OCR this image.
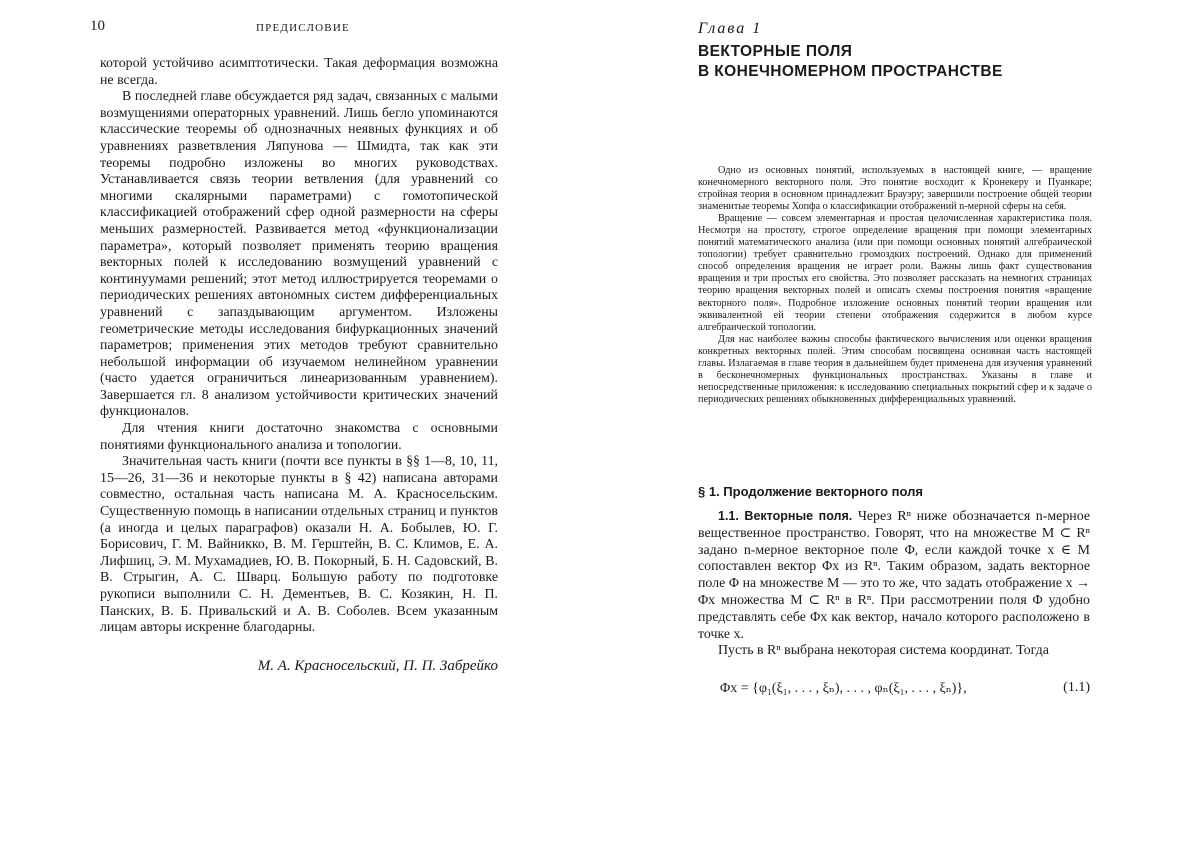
10	ПРЕДИСЛОВИЕ

которой устойчиво асимптотически. Такая деформация возможна не всегда.

В последней главе обсуждается ряд задач, связанных с малыми возмущениями операторных уравнений. Лишь бегло упоминаются классические теоремы об однозначных неявных функциях и об уравнениях разветвления Ляпунова — Шмидта, так как эти теоремы подробно изложены во многих руководствах. Устанавливается связь теории ветвления (для уравнений со многими скалярными параметрами) с гомотопической классификацией отображений сфер одной размерности на сферы меньших размерностей. Развивается метод «функционализации параметра», который позволяет применять теорию вращения векторных полей к исследованию возмущений уравнений с континуумами решений; этот метод иллюстрируется теоремами о периодических решениях автономных систем дифференциальных уравнений с запаздывающим аргументом. Изложены геометрические методы исследования бифуркационных значений параметров; применения этих методов требуют сравнительно небольшой информации об изучаемом нелинейном уравнении (часто удается ограничиться линеаризованным уравнением). Завершается гл. 8 анализом устойчивости критических значений функционалов.

Для чтения книги достаточно знакомства с основными понятиями функционального анализа и топологии.

Значительная часть книги (почти все пункты в §§ 1—8, 10, 11, 15—26, 31—36 и некоторые пункты в § 42) написана авторами совместно, остальная часть написана М. А. Красносельским. Существенную помощь в написании отдельных страниц и пунктов (а иногда и целых параграфов) оказали Н. А. Бобылев, Ю. Г. Борисович, Г. М. Вайникко, В. М. Герштейн, В. С. Климов, Е. А. Лифшиц, Э. М. Мухамадиев, Ю. В. Покорный, Б. Н. Садовский, В. В. Стрыгин, А. С. Шварц. Большую работу по подготовке рукописи выполнили С. Н. Дементьев, В. С. Козякин, Н. П. Панских, В. Б. Привальский и А. В. Соболев. Всем указанным лицам авторы искренне благодарны.

М. А. Красносельский, П. П. Забрейко
Глава 1
ВЕКТОРНЫЕ ПОЛЯ
В КОНЕЧНОМЕРНОМ ПРОСТРАНСТВЕ

Одно из основных понятий, используемых в настоящей книге, — вращение конечномерного векторного поля. Это понятие восходит к Кронекеру и Пуанкаре; стройная теория в основном принадлежит Брауэру; завершили построение общей теории знаменитые теоремы Хопфа о классификации отображений n-мерной сферы на себя.

Вращение — совсем элементарная и простая целочисленная характеристика поля. Несмотря на простоту, строгое определение вращения при помощи элементарных понятий математического анализа (или при помощи основных понятий алгебраической топологии) требует сравнительно громоздких построений. Однако для применений способ определения вращения не играет роли. Важны лишь факт существования вращения и три простых его свойства. Это позволяет рассказать на немногих страницах теорию вращения векторных полей и описать схемы построения понятия «вращение векторного поля». Подробное изложение основных понятий теории вращения или эквивалентной ей теории степени отображения содержится в любом курсе алгебраической топологии.

Для нас наиболее важны способы фактического вычисления или оценки вращения конкретных векторных полей. Этим способам посвящена основная часть настоящей главы. Излагаемая в главе теория в дальнейшем будет применена для изучения уравнений в бесконечномерных функциональных пространствах. Указаны в главе и непосредственные приложения: к исследованию специальных покрытий сфер и к задаче о периодических решениях обыкновенных дифференциальных уравнений.

§ 1. Продолжение векторного поля

1.1. Векторные поля. Через Rⁿ ниже обозначается n-мерное вещественное пространство. Говорят, что на множестве M ⊂ Rⁿ задано n-мерное векторное поле Φ, если каждой точке x ∈ M сопоставлен вектор Φx из Rⁿ. Таким образом, задать векторное поле Φ на множестве M — это то же, что задать отображение x → Φx множества M ⊂ Rⁿ в Rⁿ. При рассмотрении поля Φ удобно представлять себе Φx как вектор, начало которого расположено в точке x.

Пусть в Rⁿ выбрана некоторая система координат. Тогда

Φx = {φ₁(ξ₁, . . . , ξₙ), . . . , φₙ(ξ₁, . . . , ξₙ)},	(1.1)
